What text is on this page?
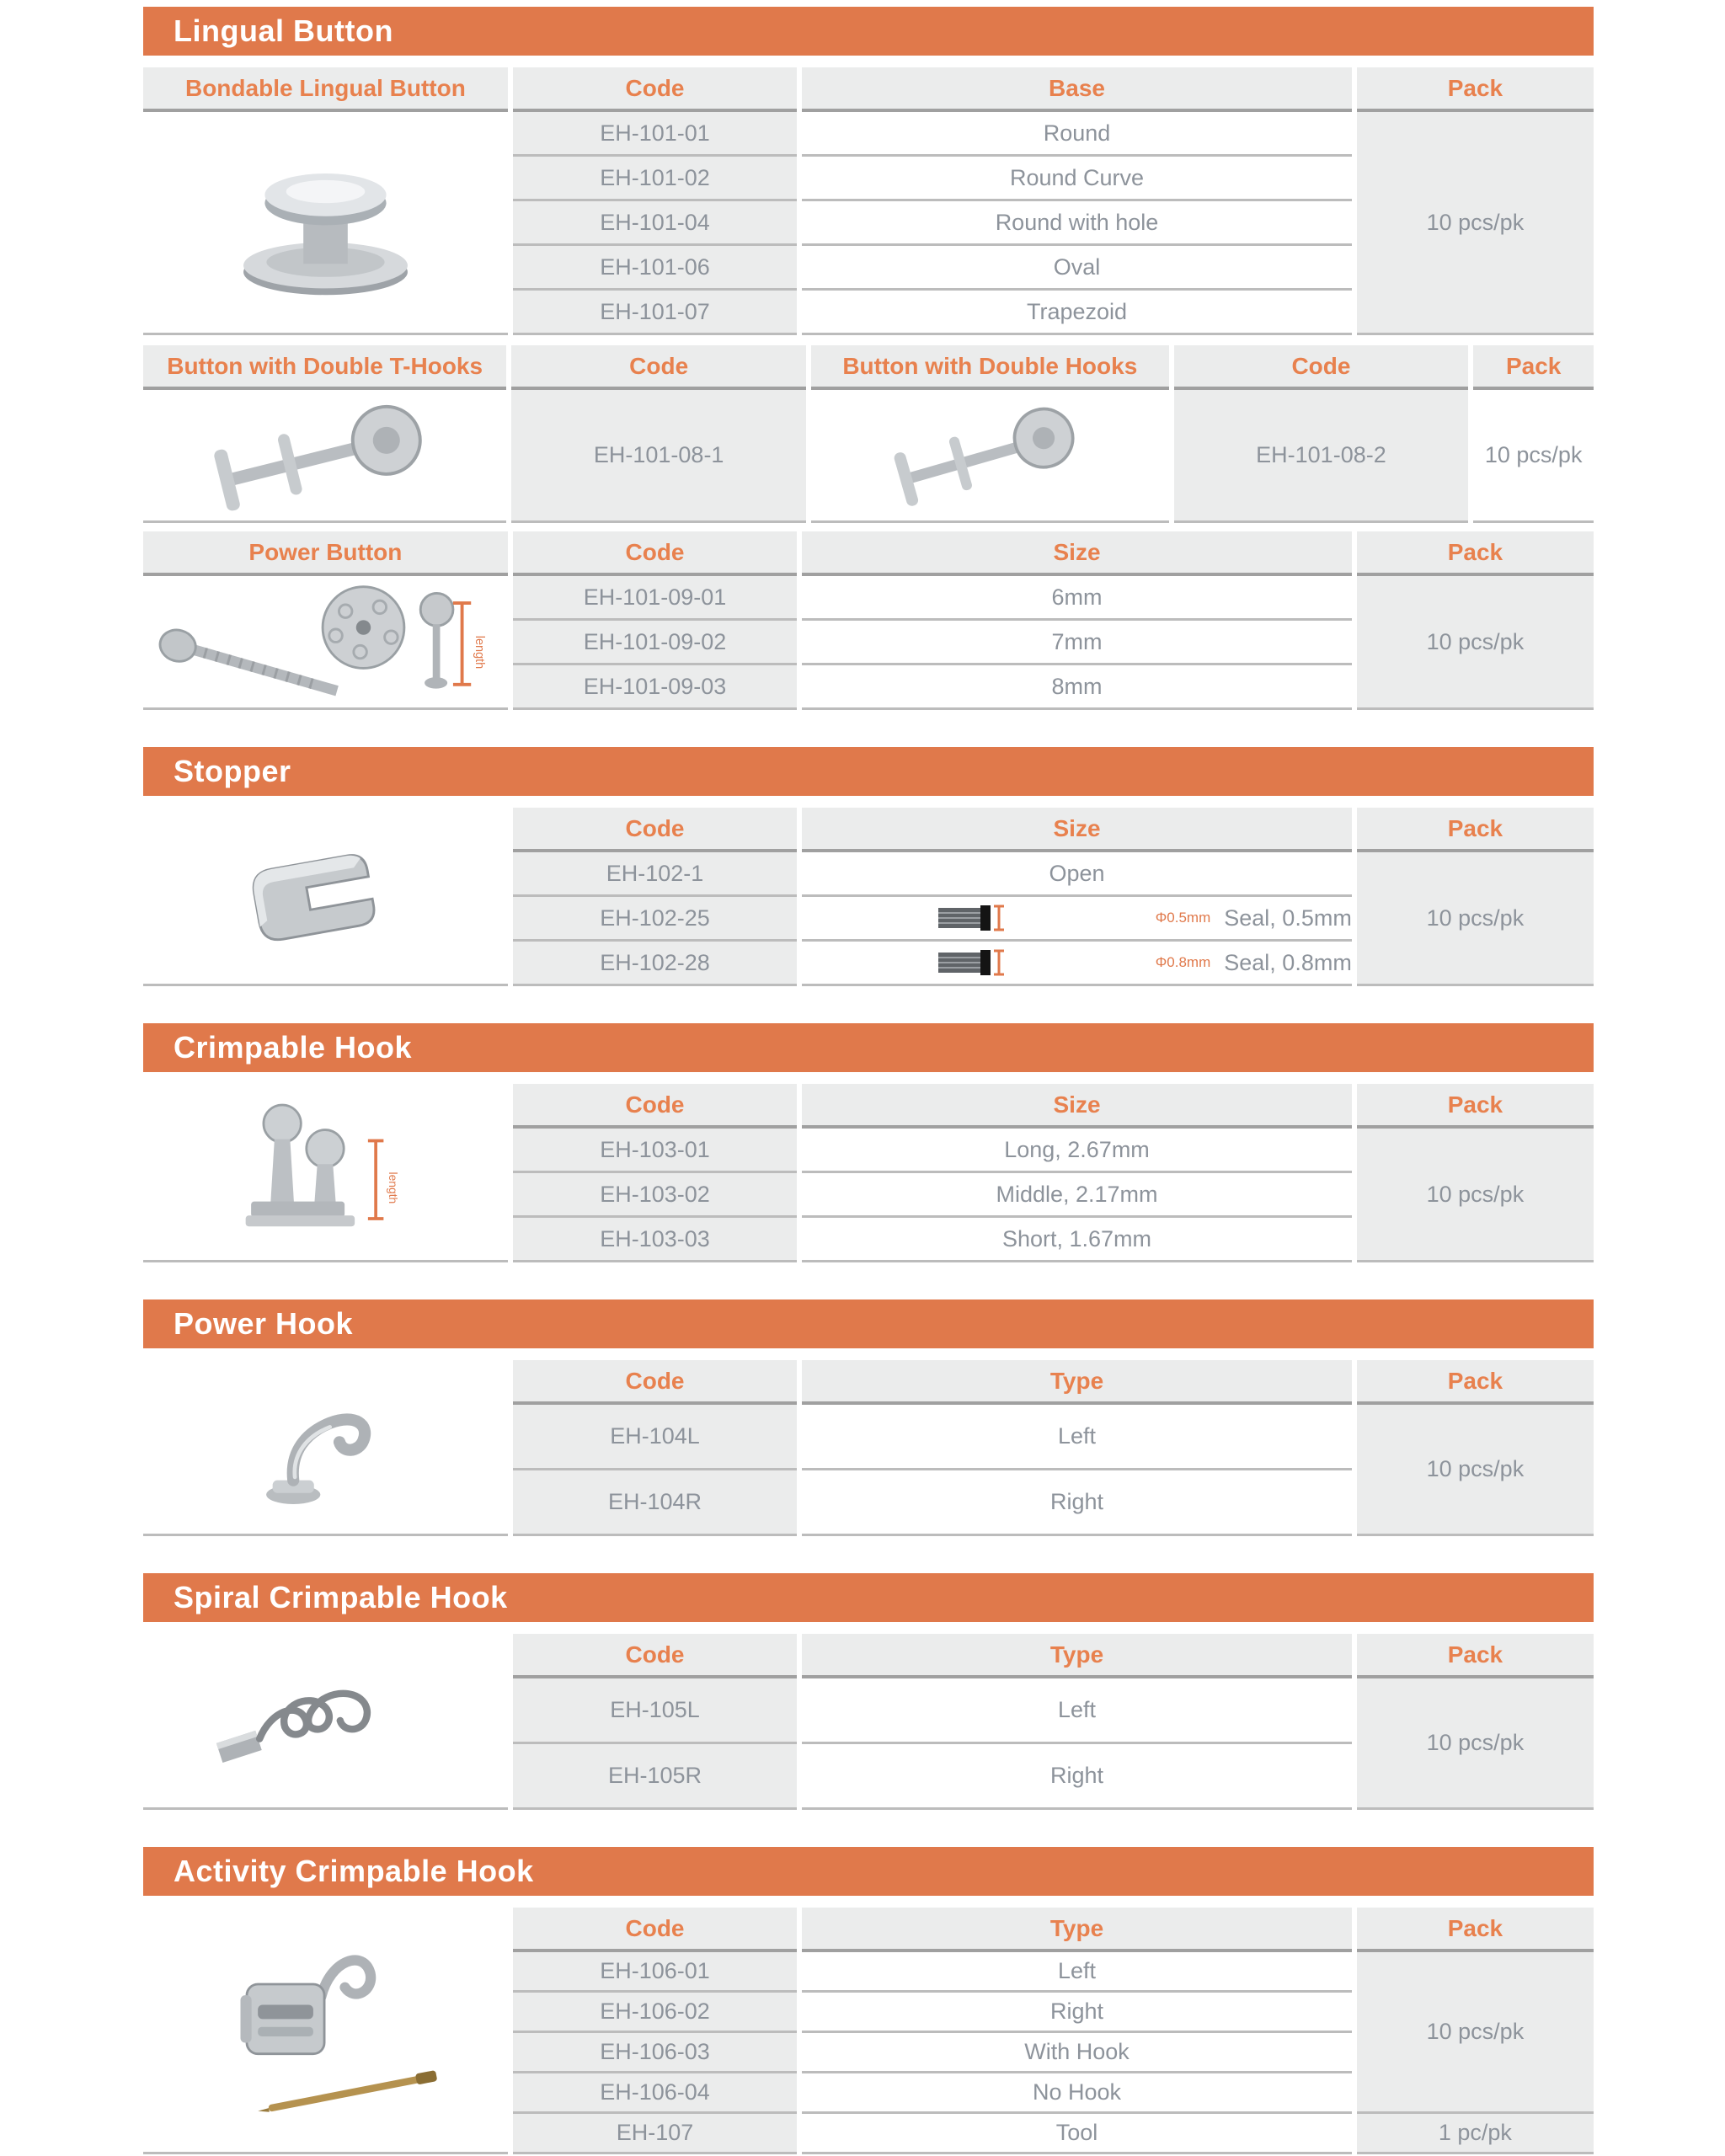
Lingual Button
Bondable Lingual Button	Code	Base	Pack

	EH-101-01	Round	10 pcs/pk
	EH-101-02	Round Curve	
	EH-101-04	Round with hole	
	EH-101-06	Oval	
	EH-101-07	Trapezoid	
Button with Double T-Hooks	Code	Button with Double Hooks	Code	Pack

	EH-101-08-1		EH-101-08-2	10 pcs/pk
Power Button	Code	Size	Pack

length	EH-101-09-01	6mm	10 pcs/pk
	EH-101-09-02	7mm	
	EH-101-09-03	8mm	
Stopper
	Code	Size	Pack
	EH-102-1	Open	10 pcs/pk
	EH-102-25	Φ0.5mm Seal, 0.5mm	

	EH-102-28	Φ0.8mm Seal, 0.8mm	
Crimpable Hook
length	Code	Size	Pack
	EH-103-01	Long, 2.67mm	10 pcs/pk
	EH-103-02	Middle, 2.17mm	
	EH-103-03	Short, 1.67mm	
Power Hook
	Code	Type	Pack
	EH-104L	Left	10 pcs/pk
	EH-104R	Right	
Spiral Crimpable Hook
	Code	Type	Pack
	EH-105L	Left	10 pcs/pk
	EH-105R	Right	
Activity Crimpable Hook
	Code	Type	Pack
	EH-106-01	Left	10 pcs/pk
	EH-106-02	Right	
	EH-106-03	With Hook	
	EH-106-04	No Hook	
	EH-107	Tool	1 pc/pk
